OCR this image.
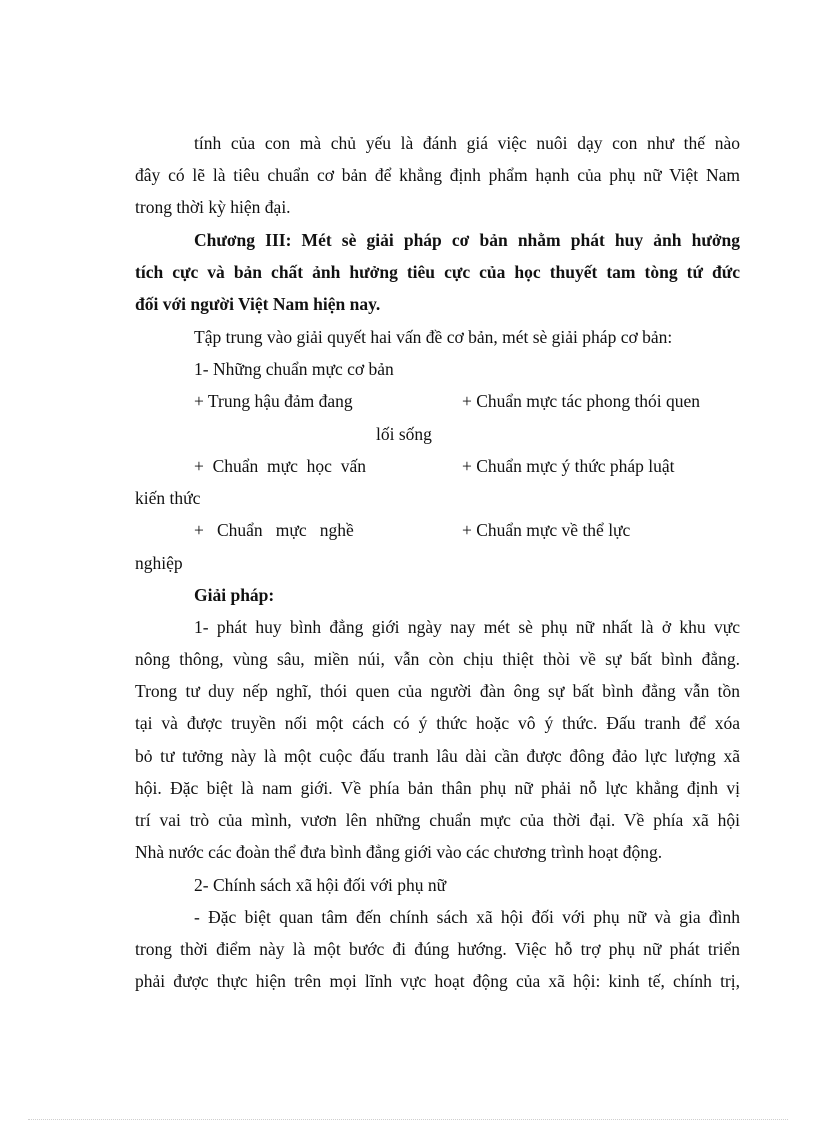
tính của con mà chủ yếu là đánh giá việc nuôi dạy con như thế nào
đây có lẽ là tiêu chuẩn cơ bản để khẳng định phẩm hạnh của phụ nữ Việt Nam
trong thời kỳ hiện đại.
Chương III: Mét sè giải pháp cơ bản nhằm phát huy ảnh hưởng
tích cực và bản chất ảnh hưởng tiêu cực của học thuyết tam tòng tứ đức
đối với người Việt Nam hiện nay.
Tập trung vào giải quyết hai vấn đề cơ bản, mét sè giải pháp cơ bản:
1- Những chuẩn mực cơ bản
+ Trung hậu đảm đang	+ Chuẩn mực tác phong thói quen
lối sống
+  Chuẩn  mực  học  vấn	+ Chuẩn mực ý thức pháp luật
kiến thức
+   Chuẩn   mực   nghề	+ Chuẩn mực về thể lực
nghiệp
Giải pháp:
1- phát huy bình đẳng giới ngày nay mét sè phụ nữ nhất là ở khu vực
nông thông, vùng sâu, miền núi, vẫn còn chịu thiệt thòi về sự bất bình đẳng.
Trong tư duy nếp nghĩ, thói quen của người đàn ông sự bất bình đẳng vẫn tồn
tại và được truyền nối một cách có ý thức hoặc vô ý thức. Đấu tranh để xóa
bỏ tư tưởng này là một cuộc đấu tranh lâu dài cần được đông đảo lực lượng xã
hội. Đặc biệt là nam giới. Về phía bản thân phụ nữ phải nỗ lực khẳng định vị
trí vai trò của mình, vươn lên những chuẩn mực của thời đại. Về phía xã hội
Nhà nước các đoàn thể đưa bình đẳng giới vào các chương trình hoạt động.
2- Chính sách xã hội đối với phụ nữ
- Đặc biệt quan tâm đến chính sách xã hội đối với phụ nữ và gia đình
trong thời điểm này là một bước đi đúng hướng. Việc hỗ trợ phụ nữ phát triển
phải được thực hiện trên mọi lĩnh vực hoạt động của xã hội: kinh tế, chính trị,
